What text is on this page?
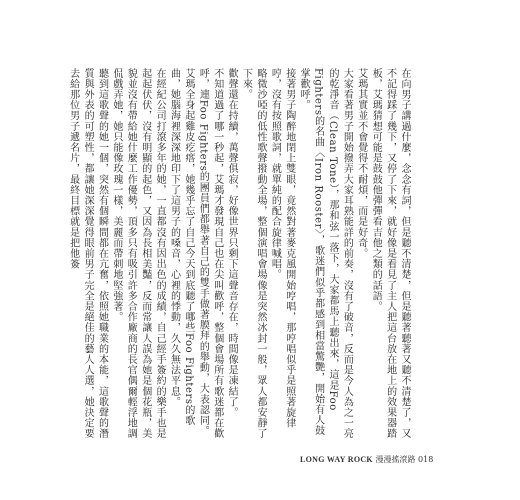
在向男子講過什麼，念念有詞，但是聽不清楚，但是聽著聽著又聽不清楚了，又不記得踩了幾下，又停了下來，就好像是看見了主人把這台放在地上的效果器踏板，艾瑪猜想可能是鼓鼓他彈彈看吉他之類的話語。

艾瑪其實並不會覺得不耐煩，而是好奇。

大家看著男子開始撥弄大家耳熟能詳的前奏，沒有了破音，反而是今人為之一亮的乾淨音（Clean Tone），那和弦一落下，大家都馬上聽出來，這是Foo Fighters的名曲〈Iron Rooster〉，歌迷們似乎都感到相當驚艷，開始有人鼓掌歡呼。

接著男子陶醉地閉上雙眼，竟然對著麥克風開始哼唱，那哼唱似乎是照著旋律哼，沒有按照歌詞，就單純的配合旋律喊唱。

略微沙啞的低性歌聲撥動全場，整個演唱會場像是突然冰封一般，眾人都安靜了下來。

歡聲還在持續，萬聲俱寂，好像世界只剩下這聲音存在，時間像是凍結了。

不知道過了哪一秒起，艾瑪才發現自己也在尖叫歡呼，整個會場所有歌迷都在歡呼，連Foo Fighters的團員們都舉著自己的雙手做著膜拜的舉動，大表認同。

艾瑪全身起雞皮疙瘩，她幾乎忘了自己今天到底聽了哪些Foo Fighters的歌曲，她腦海裡深深地印下了這男子的嗓音，心裡的悸動，久久無法平息。

在經紀公司打滾多年的她，一直都沒有因出色的成績，自己經手簽約的樂手也是起起伏伏，沒有明顯的起色，又因為長相美豔，反而常讓人誤為她是個花瓶，美貌並沒有帶給她什麼工作優勢，頂多只有吸引許多合作廠商的長官偶爾輕浮地調侃戲弄她，她只能像玫瑰一樣，美麗而帶刺地堅強著。

聽到這歌聲的她一個，突然有個瞬間都在亢奮，依照她職業的本能，這歌聲的潛質與外表的可塑性，都讓她深深覺得眼前男子完全是絕佳的藝人人選，她決定要去給那位男子遞名片，最終目標就是把他簽

LONG WAY ROCK 漫漫搖滾路 018
